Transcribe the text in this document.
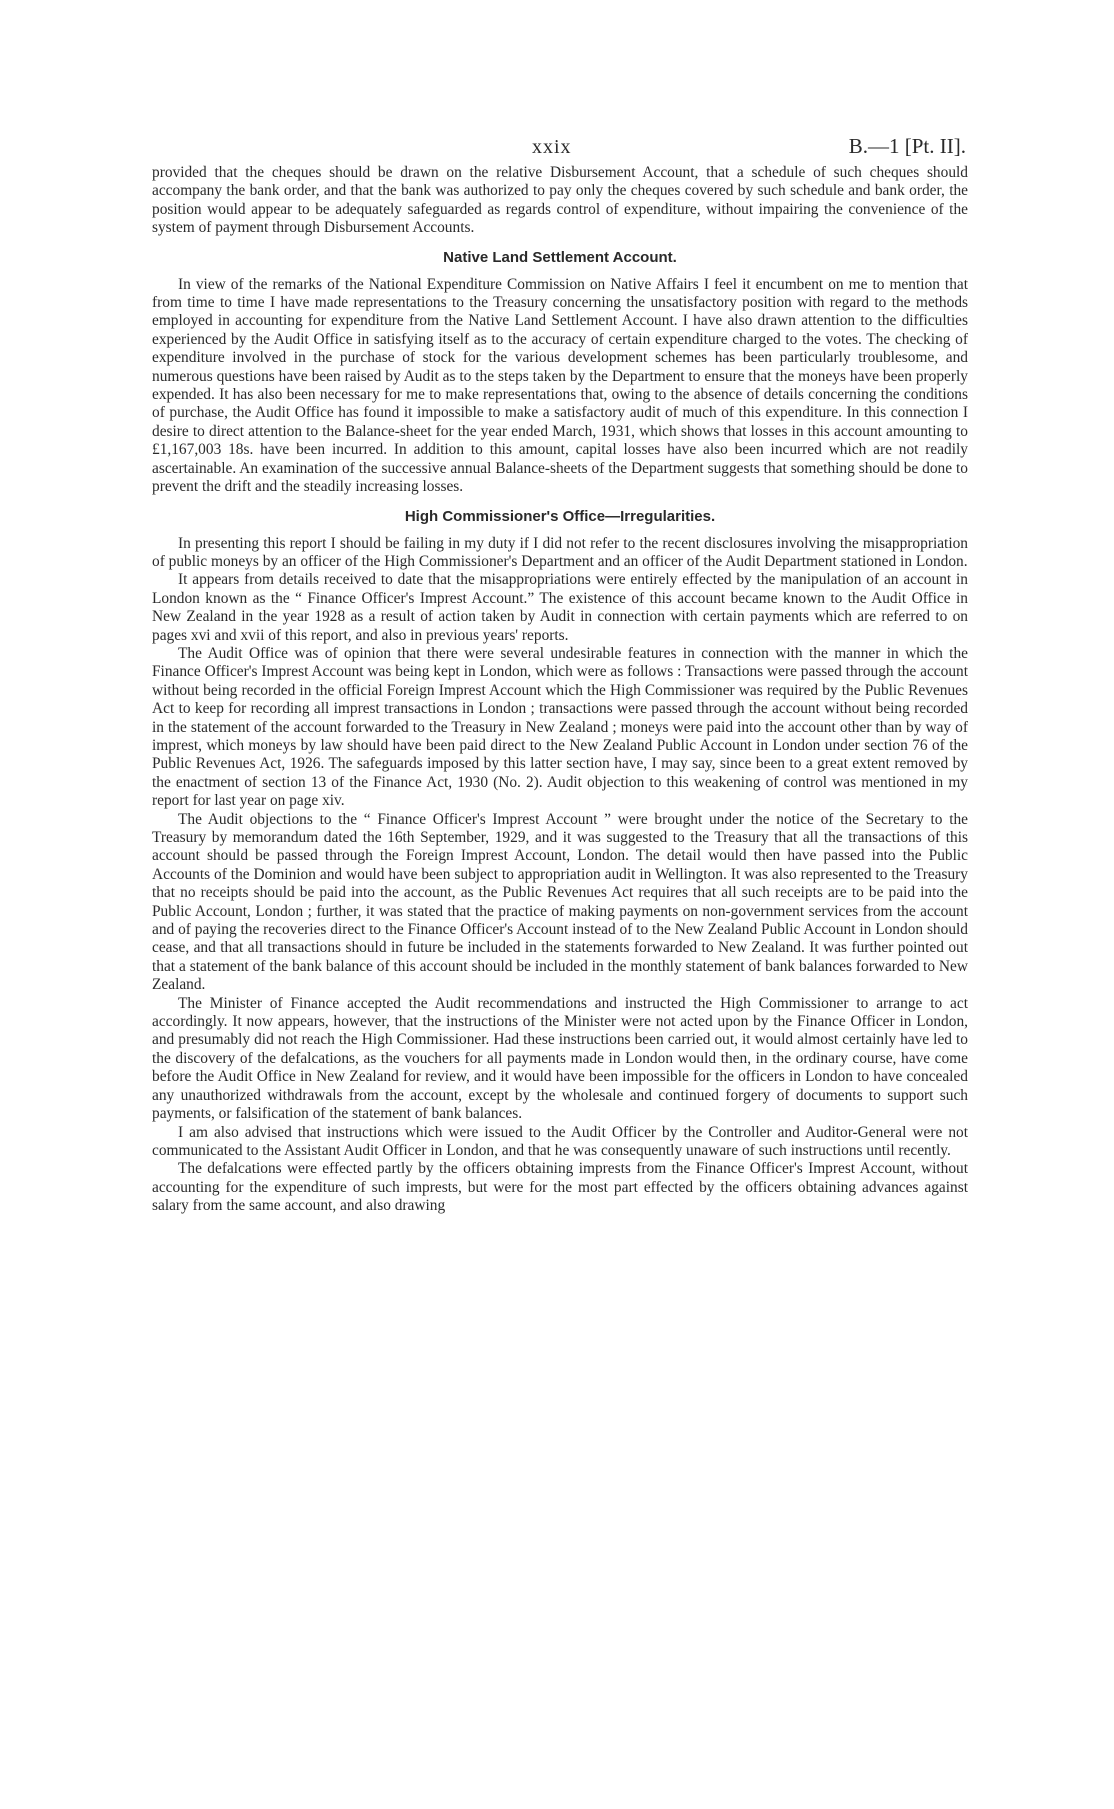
xxix	B.—1 [Pt. II].

provided that the cheques should be drawn on the relative Disbursement Account, that a schedule of such cheques should accompany the bank order, and that the bank was authorized to pay only the cheques covered by such schedule and bank order, the position would appear to be adequately safeguarded as regards control of expenditure, without impairing the convenience of the system of payment through Disbursement Accounts.

Native Land Settlement Account.

In view of the remarks of the National Expenditure Commission on Native Affairs I feel it encumbent on me to mention that from time to time I have made representations to the Treasury concerning the unsatisfactory position with regard to the methods employed in accounting for expenditure from the Native Land Settlement Account. I have also drawn attention to the difficulties experienced by the Audit Office in satisfying itself as to the accuracy of certain expenditure charged to the votes. The checking of expenditure involved in the purchase of stock for the various development schemes has been particularly troublesome, and numerous questions have been raised by Audit as to the steps taken by the Department to ensure that the moneys have been properly expended. It has also been necessary for me to make representations that, owing to the absence of details concerning the conditions of purchase, the Audit Office has found it impossible to make a satisfactory audit of much of this expenditure. In this connection I desire to direct attention to the Balance-sheet for the year ended March, 1931, which shows that losses in this account amounting to £1,167,003 18s. have been incurred. In addition to this amount, capital losses have also been incurred which are not readily ascertainable. An examination of the successive annual Balance-sheets of the Department suggests that something should be done to prevent the drift and the steadily increasing losses.

High Commissioner's Office—Irregularities.

In presenting this report I should be failing in my duty if I did not refer to the recent disclosures involving the misappropriation of public moneys by an officer of the High Commissioner's Department and an officer of the Audit Department stationed in London.

It appears from details received to date that the misappropriations were entirely effected by the manipulation of an account in London known as the “ Finance Officer's Imprest Account.” The existence of this account became known to the Audit Office in New Zealand in the year 1928 as a result of action taken by Audit in connection with certain payments which are referred to on pages xvi and xvii of this report, and also in previous years' reports.

The Audit Office was of opinion that there were several undesirable features in connection with the manner in which the Finance Officer's Imprest Account was being kept in London, which were as follows : Transactions were passed through the account without being recorded in the official Foreign Imprest Account which the High Commissioner was required by the Public Revenues Act to keep for recording all imprest transactions in London ; transactions were passed through the account without being recorded in the statement of the account forwarded to the Treasury in New Zealand ; moneys were paid into the account other than by way of imprest, which moneys by law should have been paid direct to the New Zealand Public Account in London under section 76 of the Public Revenues Act, 1926. The safeguards imposed by this latter section have, I may say, since been to a great extent removed by the enactment of section 13 of the Finance Act, 1930 (No. 2). Audit objection to this weakening of control was mentioned in my report for last year on page xiv.

The Audit objections to the “ Finance Officer's Imprest Account ” were brought under the notice of the Secretary to the Treasury by memorandum dated the 16th September, 1929, and it was suggested to the Treasury that all the transactions of this account should be passed through the Foreign Imprest Account, London. The detail would then have passed into the Public Accounts of the Dominion and would have been subject to appropriation audit in Wellington. It was also represented to the Treasury that no receipts should be paid into the account, as the Public Revenues Act requires that all such receipts are to be paid into the Public Account, London ; further, it was stated that the practice of making payments on non-government services from the account and of paying the recoveries direct to the Finance Officer's Account instead of to the New Zealand Public Account in London should cease, and that all transactions should in future be included in the statements forwarded to New Zealand. It was further pointed out that a statement of the bank balance of this account should be included in the monthly statement of bank balances forwarded to New Zealand.

The Minister of Finance accepted the Audit recommendations and instructed the High Commissioner to arrange to act accordingly. It now appears, however, that the instructions of the Minister were not acted upon by the Finance Officer in London, and presumably did not reach the High Commissioner. Had these instructions been carried out, it would almost certainly have led to the discovery of the defalcations, as the vouchers for all payments made in London would then, in the ordinary course, have come before the Audit Office in New Zealand for review, and it would have been impossible for the officers in London to have concealed any unauthorized withdrawals from the account, except by the wholesale and continued forgery of documents to support such payments, or falsification of the statement of bank balances.

I am also advised that instructions which were issued to the Audit Officer by the Controller and Auditor-General were not communicated to the Assistant Audit Officer in London, and that he was consequently unaware of such instructions until recently.

The defalcations were effected partly by the officers obtaining imprests from the Finance Officer's Imprest Account, without accounting for the expenditure of such imprests, but were for the most part effected by the officers obtaining advances against salary from the same account, and also drawing
